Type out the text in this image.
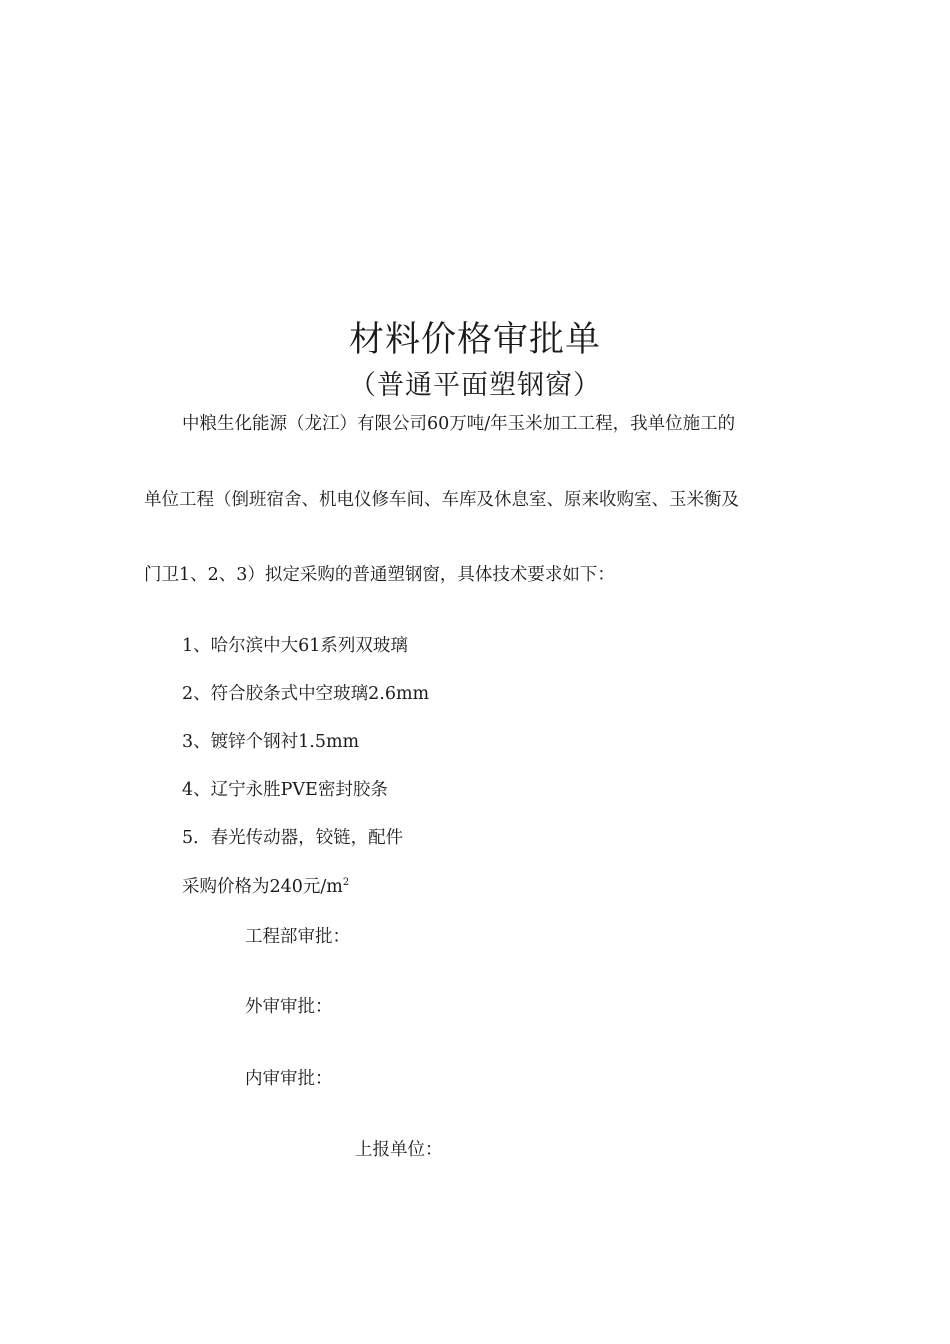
材料价格审批单
（普通平面塑钢窗）
中粮生化能源（龙江）有限公司60万吨/年玉米加工工程，我单位施工的
单位工程（倒班宿舍、机电仪修车间、车库及休息室、原来收购室、玉米衡及
门卫1、2、3）拟定采购的普通塑钢窗，具体技术要求如下：
1、哈尔滨中大61系列双玻璃
2、符合胶条式中空玻璃2.6mm
3、镀锌个钢衬1.5mm
4、辽宁永胜PVE密封胶条
5．春光传动器，铰链，配件
采购价格为240元$/m^2$
工程部审批：
外审审批：
内审审批：
上报单位：
